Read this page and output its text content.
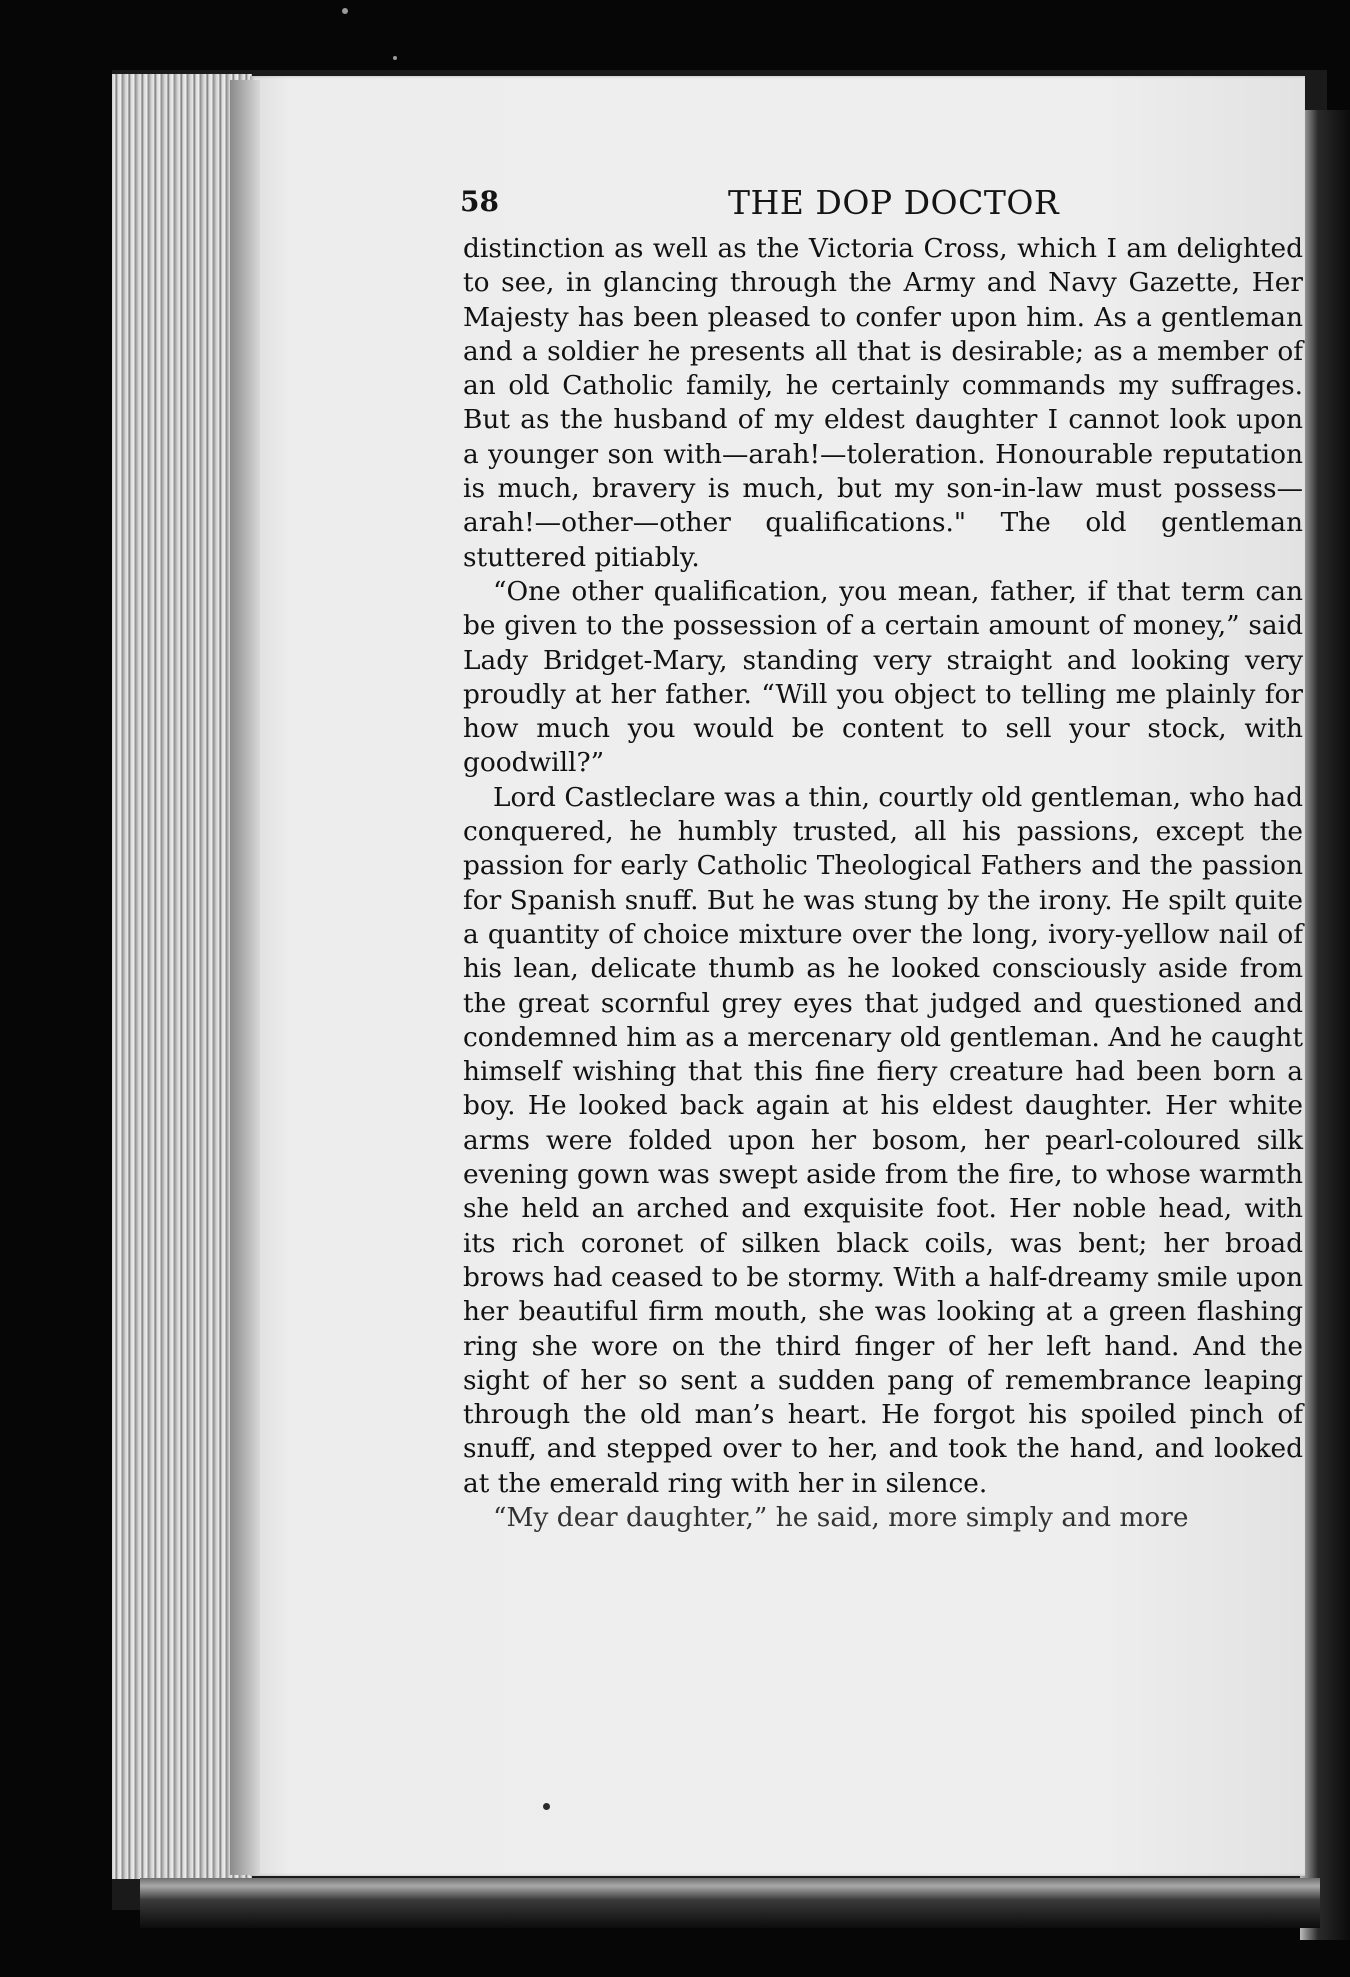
58	THE DOP DOCTOR

distinction as well as the Victoria Cross, which I am delighted to see, in glancing through the Army and Navy Gazette, Her Majesty has been pleased to confer upon him. As a gentleman and a soldier he presents all that is desirable; as a member of an old Catholic family, he certainly commands my suffrages. But as the husband of my eldest daughter I cannot look upon a younger son with—arah!—toleration. Honourable reputation is much, bravery is much, but my son-in-law must possess—arah!—other—other qualifications." The old gentleman stuttered pitiably.

“One other qualification, you mean, father, if that term can be given to the possession of a certain amount of money,” said Lady Bridget-Mary, standing very straight and looking very proudly at her father. “Will you object to telling me plainly for how much you would be content to sell your stock, with goodwill?”

Lord Castleclare was a thin, courtly old gentleman, who had conquered, he humbly trusted, all his passions, except the passion for early Catholic Theological Fathers and the passion for Spanish snuff. But he was stung by the irony. He spilt quite a quantity of choice mixture over the long, ivory-yellow nail of his lean, delicate thumb as he looked consciously aside from the great scornful grey eyes that judged and questioned and condemned him as a mercenary old gentleman. And he caught himself wishing that this fine fiery creature had been born a boy. He looked back again at his eldest daughter. Her white arms were folded upon her bosom, her pearl-coloured silk evening gown was swept aside from the fire, to whose warmth she held an arched and exquisite foot. Her noble head, with its rich coronet of silken black coils, was bent; her broad brows had ceased to be stormy. With a half-dreamy smile upon her beautiful firm mouth, she was looking at a green flashing ring she wore on the third finger of her left hand. And the sight of her so sent a sudden pang of remembrance leaping through the old man’s heart. He forgot his spoiled pinch of snuff, and stepped over to her, and took the hand, and looked at the emerald ring with her in silence.

“My dear daughter,” he said, more simply and more
